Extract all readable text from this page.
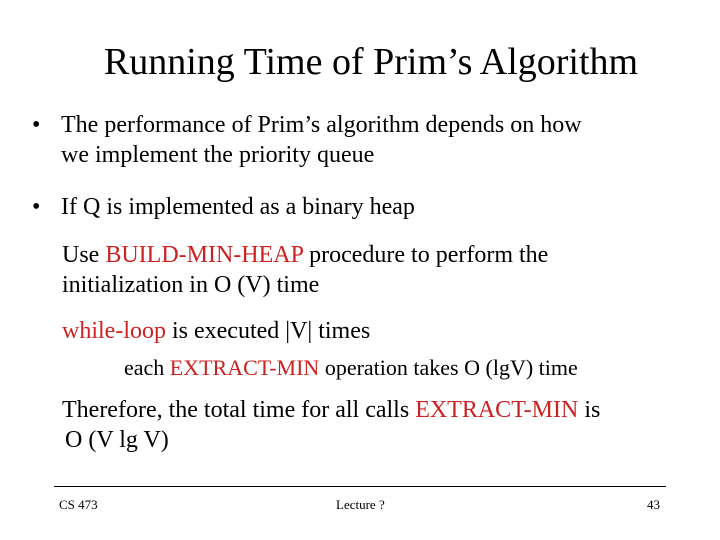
Running Time of Prim’s Algorithm
• The performance of Prim’s algorithm depends on how
we implement the priority queue
• If Q is implemented as a binary heap
Use BUILD-MIN-HEAP procedure to perform the
initialization in O (V) time
while-loop is executed |V| times
each EXTRACT-MIN operation takes O (lgV) time
Therefore, the total time for all calls EXTRACT-MIN is
O (V lg V)
CS 473	Lecture ?	43
